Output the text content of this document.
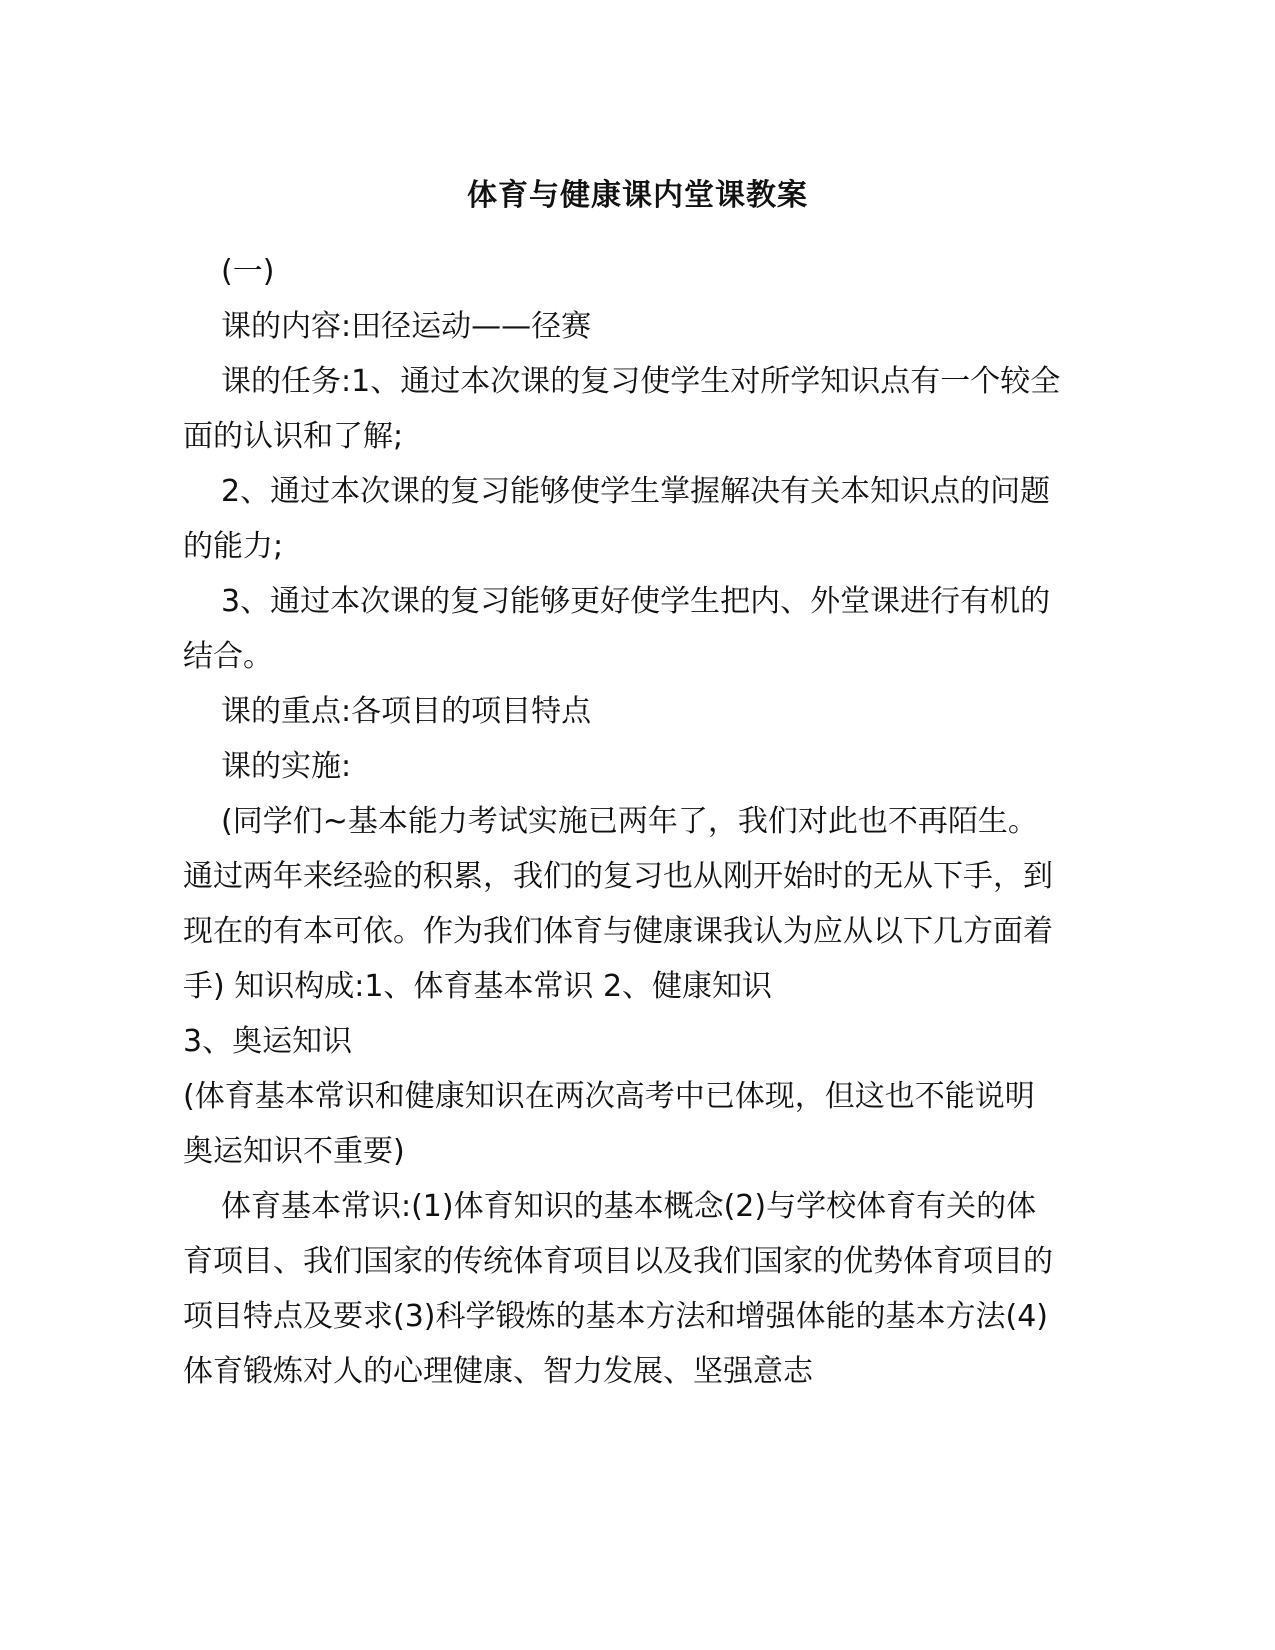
体育与健康课内堂课教案

(一)

课的内容:田径运动——径赛

课的任务:1、通过本次课的复习使学生对所学知识点有一个较全面的认识和了解;

2、通过本次课的复习能够使学生掌握解决有关本知识点的问题的能力;

3、通过本次课的复习能够更好使学生把内、外堂课进行有机的结合。

课的重点:各项目的项目特点

课的实施:

(同学们~基本能力考试实施已两年了，我们对此也不再陌生。通过两年来经验的积累，我们的复习也从刚开始时的无从下手，到现在的有本可依。作为我们体育与健康课我认为应从以下几方面着手) 知识构成:1、体育基本常识 2、健康知识

3、奥运知识

(体育基本常识和健康知识在两次高考中已体现，但这也不能说明奥运知识不重要)

体育基本常识:(1)体育知识的基本概念(2)与学校体育有关的体育项目、我们国家的传统体育项目以及我们国家的优势体育项目的项目特点及要求(3)科学锻炼的基本方法和增强体能的基本方法(4)体育锻炼对人的心理健康、智力发展、坚强意志
